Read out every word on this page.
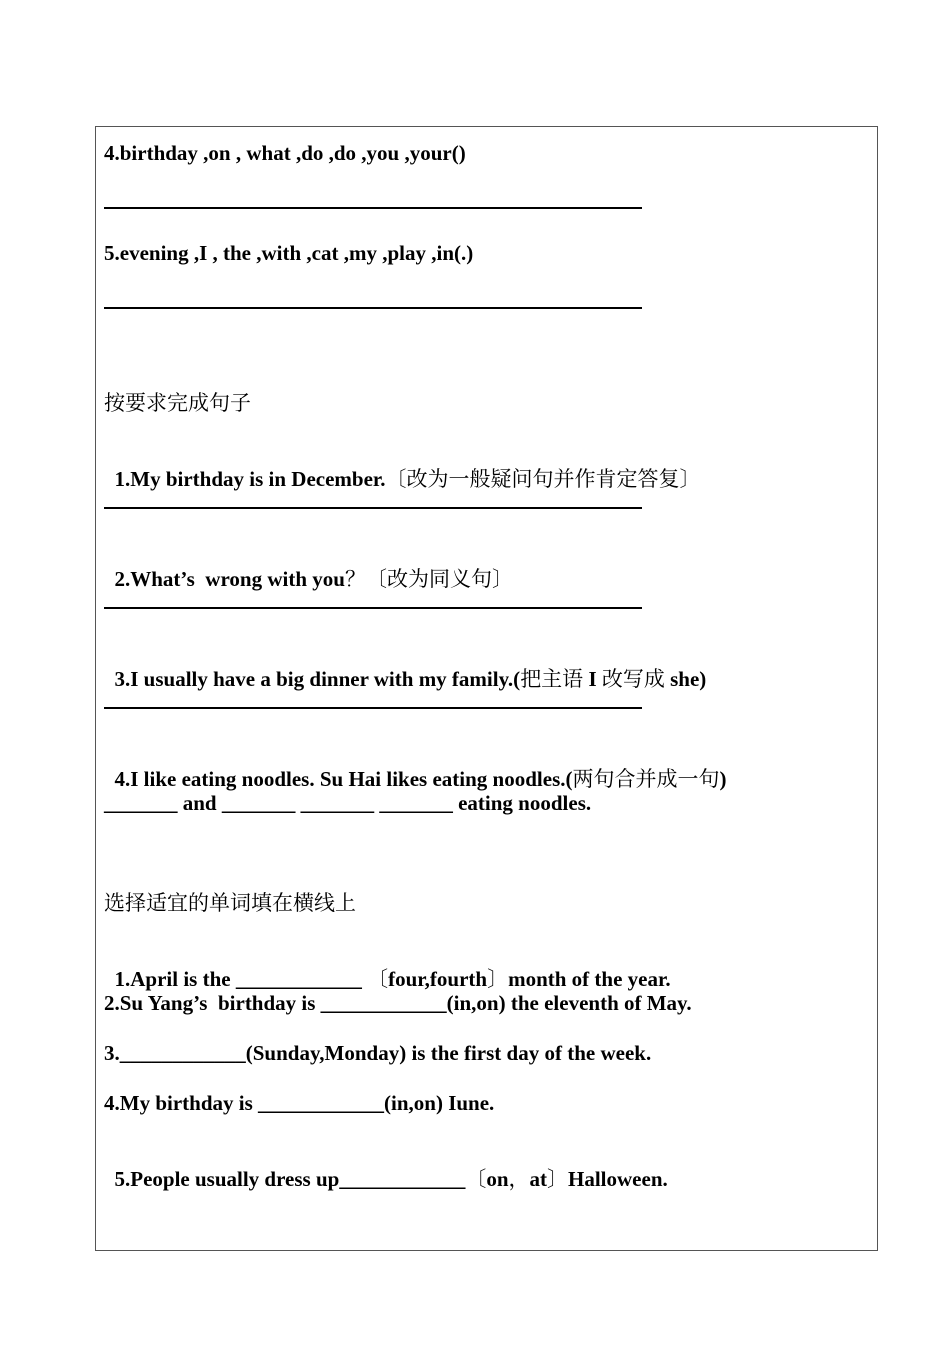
4.birthday ,on , what ,do ,do ,you ,your()
5.evening ,I , the ,with ,cat ,my ,play ,in(.)
按要求完成句子

1.My birthday is in December.〔改为一般疑问句并作肯定答复〕

2.What’s  wrong with you？〔改为同义句〕

3.I usually have a big dinner with my family.(把主语 I 改写成 she)

4.I like eating noodles. Su Hai likes eating noodles.(两句合并成一句)

_______ and _______ _______ _______ eating noodles.
选择适宜的单词填在横线上

1.April is the ____________ 〔four,fourth〕month of the year.

2.Su Yang’s  birthday is ____________(in,on) the eleventh of May.
3.____________(Sunday,Monday) is the first day of the week.
4.My birthday is ____________(in,on) Iune.

5.People usually dress up____________〔on，at〕Halloween.
